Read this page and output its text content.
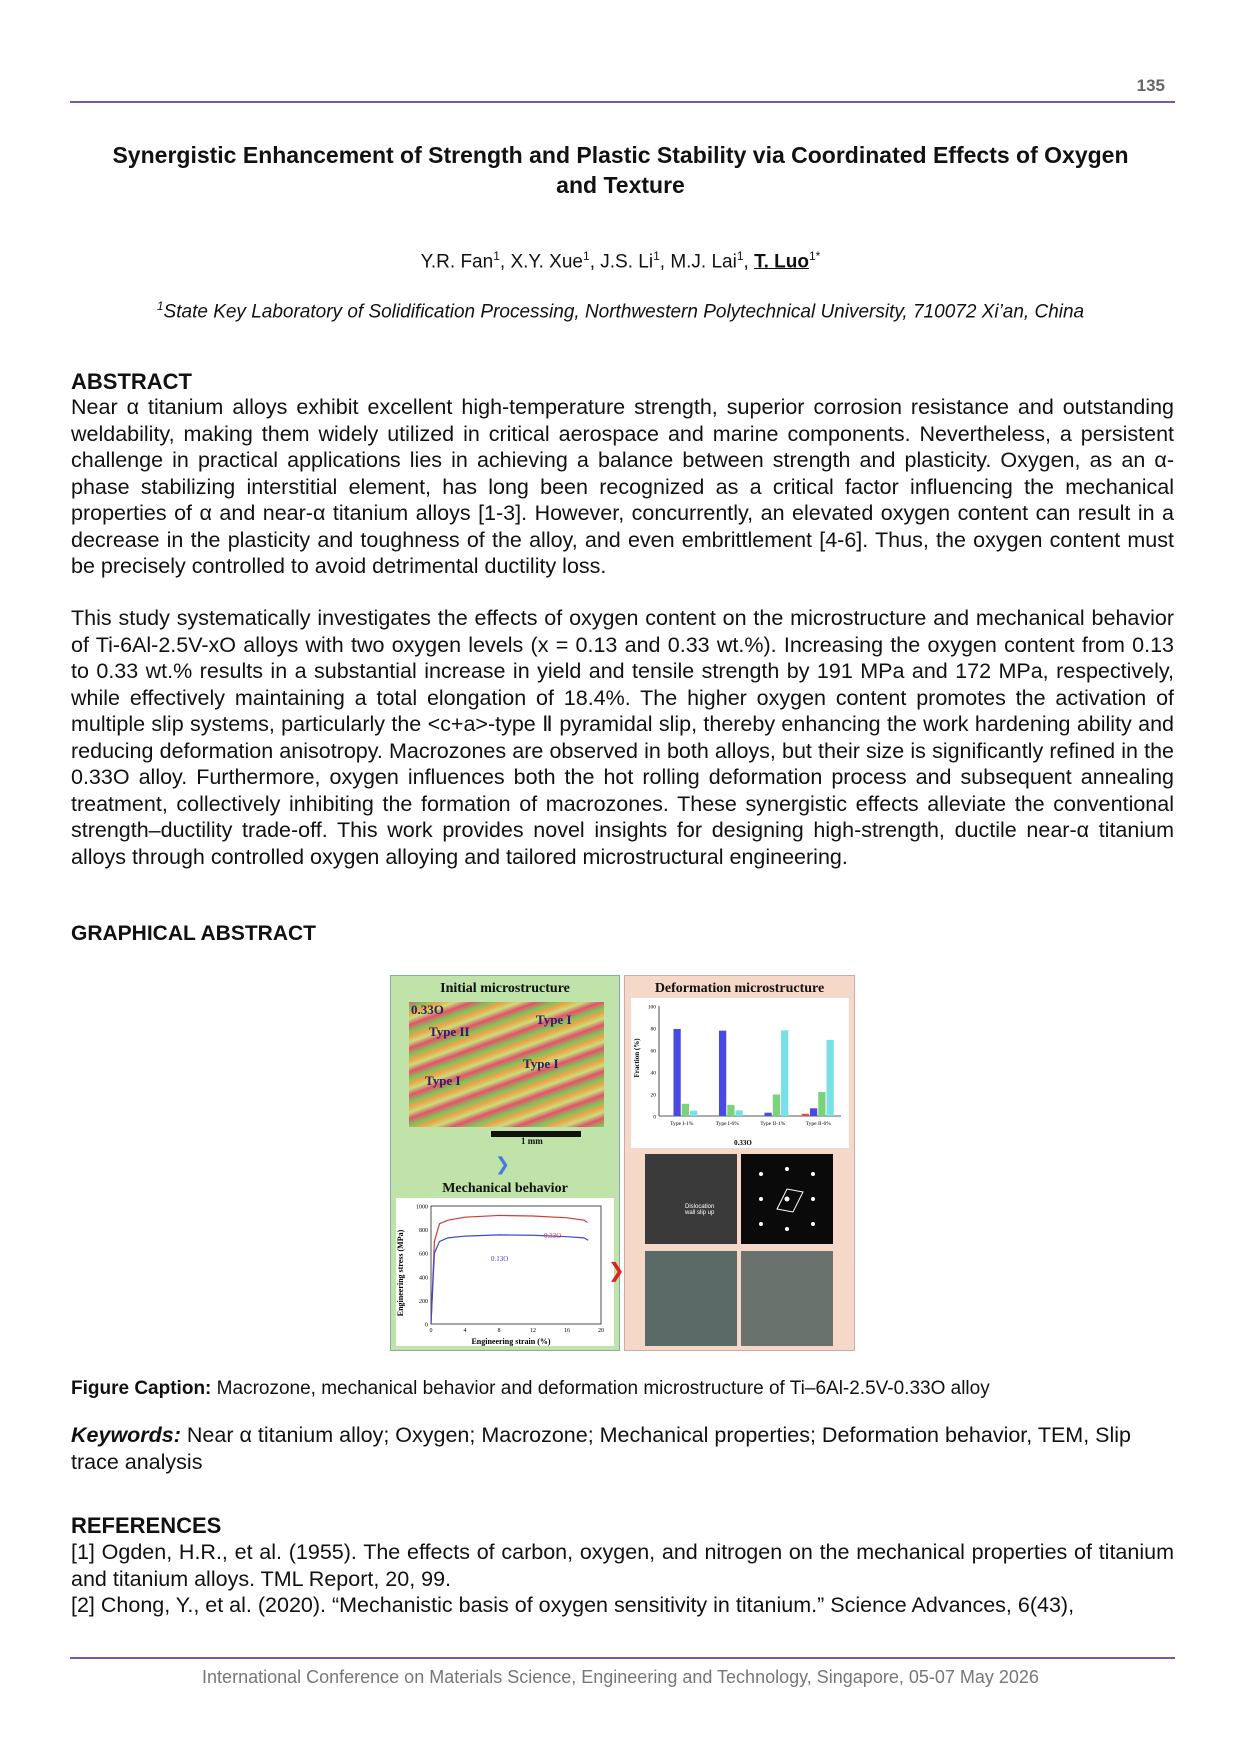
135
Synergistic Enhancement of Strength and Plastic Stability via Coordinated Effects of Oxygen and Texture
Y.R. Fan$^1$, X.Y. Xue$^1$, J.S. Li$^1$, M.J. Lai$^1$, T. Luo$^{1*}$
$^1$State Key Laboratory of Solidification Processing, Northwestern Polytechnical University, 710072 Xi’an, China
ABSTRACT
Near α titanium alloys exhibit excellent high-temperature strength, superior corrosion resistance and outstanding weldability, making them widely utilized in critical aerospace and marine components. Nevertheless, a persistent challenge in practical applications lies in achieving a balance between strength and plasticity. Oxygen, as an α-phase stabilizing interstitial element, has long been recognized as a critical factor influencing the mechanical properties of α and near-α titanium alloys [1-3]. However, concurrently, an elevated oxygen content can result in a decrease in the plasticity and toughness of the alloy, and even embrittlement [4-6]. Thus, the oxygen content must be precisely controlled to avoid detrimental ductility loss.
This study systematically investigates the effects of oxygen content on the microstructure and mechanical behavior of Ti-6Al-2.5V-xO alloys with two oxygen levels (x = 0.13 and 0.33 wt.%). Increasing the oxygen content from 0.13 to 0.33 wt.% results in a substantial increase in yield and tensile strength by 191 MPa and 172 MPa, respectively, while effectively maintaining a total elongation of 18.4%. The higher oxygen content promotes the activation of multiple slip systems, particularly the <c+a>-type Ⅱ pyramidal slip, thereby enhancing the work hardening ability and reducing deformation anisotropy. Macrozones are observed in both alloys, but their size is significantly refined in the 0.33O alloy. Furthermore, oxygen influences both the hot rolling deformation process and subsequent annealing treatment, collectively inhibiting the formation of macrozones. These synergistic effects alleviate the conventional strength–ductility trade-off. This work provides novel insights for designing high-strength, ductile near-α titanium alloys through controlled oxygen alloying and tailored microstructural engineering.
GRAPHICAL ABSTRACT
Initial microstructure
0.33O
Type II
Type I
Type I
Type I
1 mm
❯
Mechanical behavior
Engineering stress (MPa)
Engineering strain (%)
0
200
400
600
800
1000
0	4	8	12	16	20
0.33O
0.13O
Deformation microstructure
Fraction (%)
0
20
40
60
80
100
Type I-1%	Type I-6%	Type II-1%	Type II-6%
0.33O
Dislocation wall slip up
❯
Figure Caption: Macrozone, mechanical behavior and deformation microstructure of Ti–6Al-2.5V-0.33O alloy
Keywords: Near α titanium alloy; Oxygen; Macrozone; Mechanical properties; Deformation behavior, TEM, Slip trace analysis
REFERENCES
[1] Ogden, H.R., et al. (1955). The effects of carbon, oxygen, and nitrogen on the mechanical properties of titanium and titanium alloys. TML Report, 20, 99.
[2] Chong, Y., et al. (2020). “Mechanistic basis of oxygen sensitivity in titanium.” Science Advances, 6(43),
International Conference on Materials Science, Engineering and Technology, Singapore, 05-07 May 2026
